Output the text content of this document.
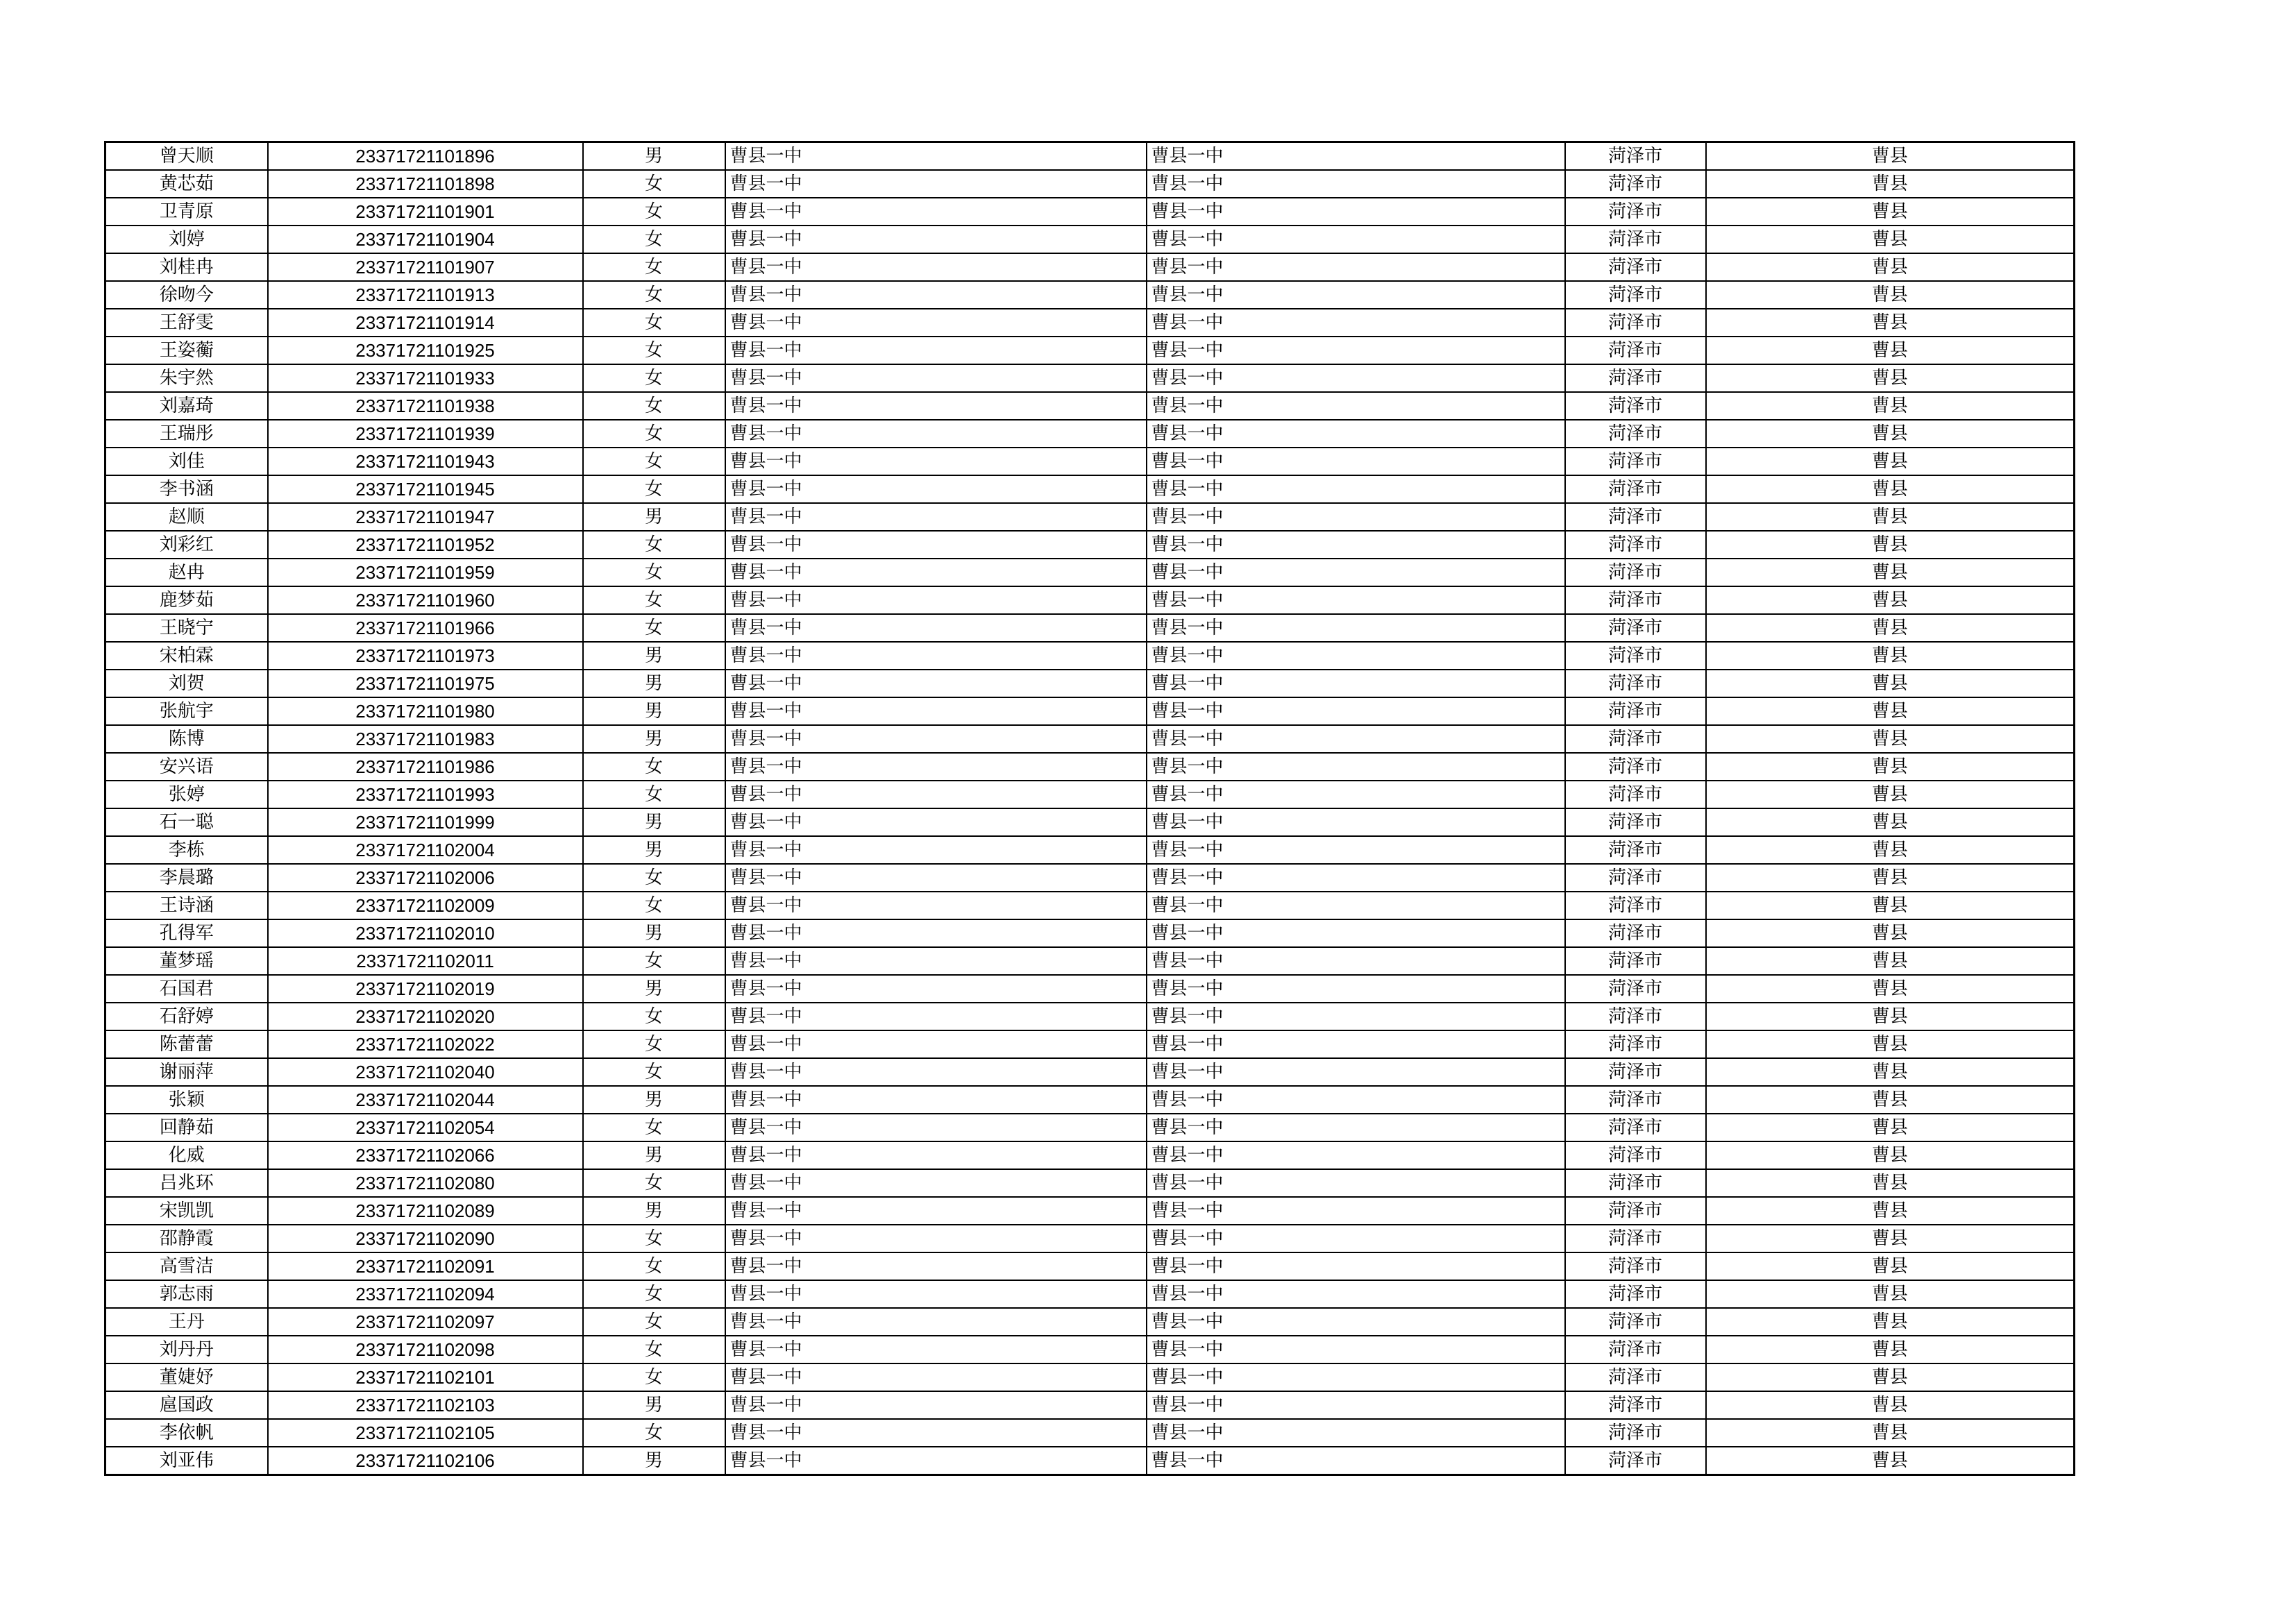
曾天顺	23371721101896	男	曹县一中	曹县一中	菏泽市	曹县
黄芯茹	23371721101898	女	曹县一中	曹县一中	菏泽市	曹县
卫青原	23371721101901	女	曹县一中	曹县一中	菏泽市	曹县
刘婷	23371721101904	女	曹县一中	曹县一中	菏泽市	曹县
刘桂冉	23371721101907	女	曹县一中	曹县一中	菏泽市	曹县
徐吻今	23371721101913	女	曹县一中	曹县一中	菏泽市	曹县
王舒雯	23371721101914	女	曹县一中	曹县一中	菏泽市	曹县
王姿蘅	23371721101925	女	曹县一中	曹县一中	菏泽市	曹县
朱宇然	23371721101933	女	曹县一中	曹县一中	菏泽市	曹县
刘嘉琦	23371721101938	女	曹县一中	曹县一中	菏泽市	曹县
王瑞彤	23371721101939	女	曹县一中	曹县一中	菏泽市	曹县
刘佳	23371721101943	女	曹县一中	曹县一中	菏泽市	曹县
李书涵	23371721101945	女	曹县一中	曹县一中	菏泽市	曹县
赵顺	23371721101947	男	曹县一中	曹县一中	菏泽市	曹县
刘彩红	23371721101952	女	曹县一中	曹县一中	菏泽市	曹县
赵冉	23371721101959	女	曹县一中	曹县一中	菏泽市	曹县
鹿梦茹	23371721101960	女	曹县一中	曹县一中	菏泽市	曹县
王晓宁	23371721101966	女	曹县一中	曹县一中	菏泽市	曹县
宋柏霖	23371721101973	男	曹县一中	曹县一中	菏泽市	曹县
刘贺	23371721101975	男	曹县一中	曹县一中	菏泽市	曹县
张航宇	23371721101980	男	曹县一中	曹县一中	菏泽市	曹县
陈博	23371721101983	男	曹县一中	曹县一中	菏泽市	曹县
安兴语	23371721101986	女	曹县一中	曹县一中	菏泽市	曹县
张婷	23371721101993	女	曹县一中	曹县一中	菏泽市	曹县
石一聪	23371721101999	男	曹县一中	曹县一中	菏泽市	曹县
李栋	23371721102004	男	曹县一中	曹县一中	菏泽市	曹县
李晨璐	23371721102006	女	曹县一中	曹县一中	菏泽市	曹县
王诗涵	23371721102009	女	曹县一中	曹县一中	菏泽市	曹县
孔得军	23371721102010	男	曹县一中	曹县一中	菏泽市	曹县
董梦瑶	23371721102011	女	曹县一中	曹县一中	菏泽市	曹县
石国君	23371721102019	男	曹县一中	曹县一中	菏泽市	曹县
石舒婷	23371721102020	女	曹县一中	曹县一中	菏泽市	曹县
陈蕾蕾	23371721102022	女	曹县一中	曹县一中	菏泽市	曹县
谢丽萍	23371721102040	女	曹县一中	曹县一中	菏泽市	曹县
张颖	23371721102044	男	曹县一中	曹县一中	菏泽市	曹县
回静茹	23371721102054	女	曹县一中	曹县一中	菏泽市	曹县
化威	23371721102066	男	曹县一中	曹县一中	菏泽市	曹县
吕兆环	23371721102080	女	曹县一中	曹县一中	菏泽市	曹县
宋凯凯	23371721102089	男	曹县一中	曹县一中	菏泽市	曹县
邵静霞	23371721102090	女	曹县一中	曹县一中	菏泽市	曹县
高雪洁	23371721102091	女	曹县一中	曹县一中	菏泽市	曹县
郭志雨	23371721102094	女	曹县一中	曹县一中	菏泽市	曹县
王丹	23371721102097	女	曹县一中	曹县一中	菏泽市	曹县
刘丹丹	23371721102098	女	曹县一中	曹县一中	菏泽市	曹县
董婕妤	23371721102101	女	曹县一中	曹县一中	菏泽市	曹县
扈国政	23371721102103	男	曹县一中	曹县一中	菏泽市	曹县
李依帆	23371721102105	女	曹县一中	曹县一中	菏泽市	曹县
刘亚伟	23371721102106	男	曹县一中	曹县一中	菏泽市	曹县
